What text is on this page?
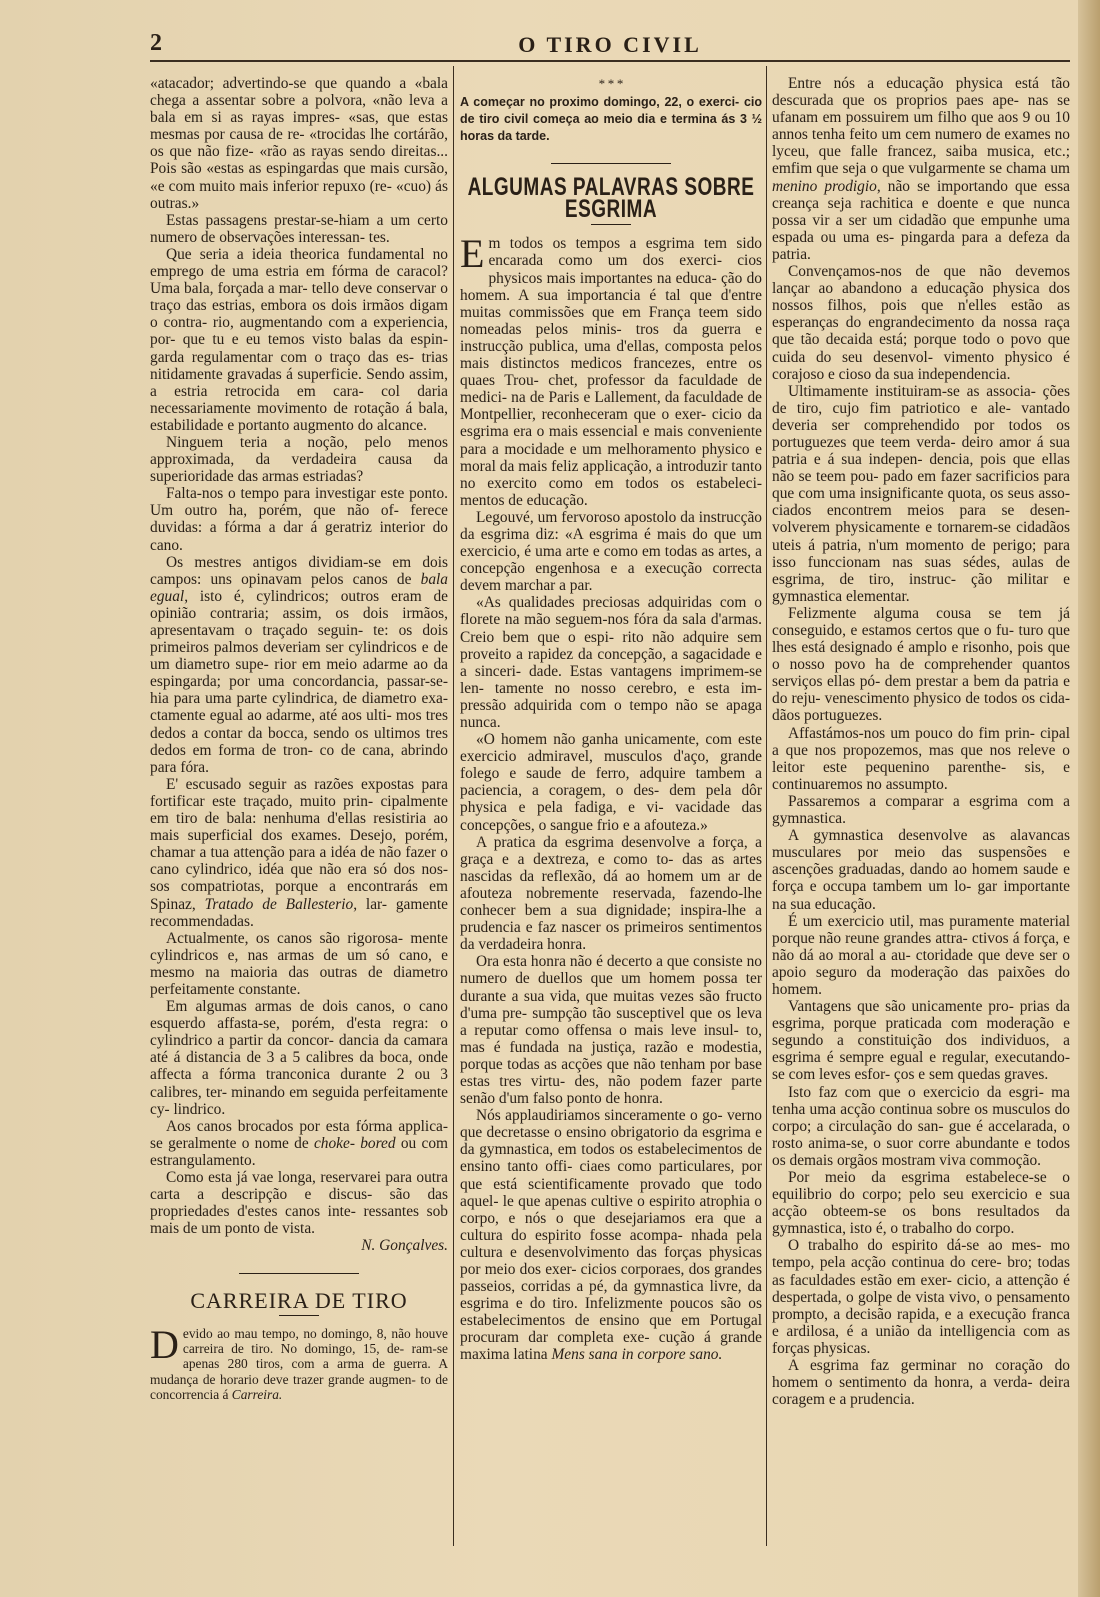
2	O TIRO CIVIL

«atacador; advertindo-se que quando a «bala chega a assentar sobre a polvora, «não leva a bala em si as rayas impres- «sas, que estas mesmas por causa de re- «trocidas lhe cortárão, os que não fize- «rão as rayas sendo direitas... Pois são «estas as espingardas que mais cursão, «e com muito mais inferior repuxo (re- «cuo) ás outras.»

Estas passagens prestar-se-hiam a um certo numero de observações interessan- tes.

Que seria a ideia theorica fundamental no emprego de uma estria em fórma de caracol? Uma bala, forçada a mar- tello deve conservar o traço das estrias, embora os dois irmãos digam o contra- rio, augmentando com a experiencia, por- que tu e eu temos visto balas da espin- garda regulamentar com o traço das es- trias nitidamente gravadas á superficie. Sendo assim, a estria retrocida em cara- col daria necessariamente movimento de rotação á bala, estabilidade e portanto augmento do alcance.

Ninguem teria a noção, pelo menos approximada, da verdadeira causa da superioridade das armas estriadas?

Falta-nos o tempo para investigar este ponto. Um outro ha, porém, que não of- ferece duvidas: a fórma a dar á geratriz interior do cano.

Os mestres antigos dividiam-se em dois campos: uns opinavam pelos canos de bala egual, isto é, cylindricos; outros eram de opinião contraria; assim, os dois irmãos, apresentavam o traçado seguin- te: os dois primeiros palmos deveriam ser cylindricos e de um diametro supe- rior em meio adarme ao da espingarda; por uma concordancia, passar-se-hia para uma parte cylindrica, de diametro exa- ctamente egual ao adarme, até aos ulti- mos tres dedos a contar da bocca, sendo os ultimos tres dedos em forma de tron- co de cana, abrindo para fóra.

E' escusado seguir as razões expostas para fortificar este traçado, muito prin- cipalmente em tiro de bala: nenhuma d'ellas resistiria ao mais superficial dos exames. Desejo, porém, chamar a tua attenção para a idéa de não fazer o cano cylindrico, idéa que não era só dos nos- sos compatriotas, porque a encontrarás em Spinaz, Tratado de Ballesterio, lar- gamente recommendadas.

Actualmente, os canos são rigorosa- mente cylindricos e, nas armas de um só cano, e mesmo na maioria das outras de diametro perfeitamente constante.

Em algumas armas de dois canos, o cano esquerdo affasta-se, porém, d'esta regra: o cylindrico a partir da concor- dancia da camara até á distancia de 3 a 5 calibres da boca, onde affecta a fórma tranconica durante 2 ou 3 calibres, ter- minando em seguida perfeitamente cy- lindrico.

Aos canos brocados por esta fórma applica-se geralmente o nome de choke- bored ou com estrangulamento.

Como esta já vae longa, reservarei para outra carta a descripção e discus- são das propriedades d'estes canos inte- ressantes sob mais de um ponto de vista.

N. Gonçalves.

CARREIRA DE TIRO

Devido ao mau tempo, no domingo, 8, não houve carreira de tiro. No domingo, 15, de- ram-se apenas 280 tiros, com a arma de guerra. A mudança de horario deve trazer grande augmen- to de concorrencia á Carreira.

* * *
A começar no proximo domingo, 22, o exerci- cio de tiro civil começa ao meio dia e termina ás 3 ½ horas da tarde.
ALGUMAS PALAVRAS SOBRE ESGRIMA

Em todos os tempos a esgrima tem sido encarada como um dos exerci- cios physicos mais importantes na educa- ção do homem. A sua importancia é tal que d'entre muitas commissões que em França teem sido nomeadas pelos minis- tros da guerra e instrucção publica, uma d'ellas, composta pelos mais distinctos medicos francezes, entre os quaes Trou- chet, professor da faculdade de medici- na de Paris e Lallement, da faculdade de Montpellier, reconheceram que o exer- cicio da esgrima era o mais essencial e mais conveniente para a mocidade e um melhoramento physico e moral da mais feliz applicação, a introduzir tanto no exercito como em todos os estabeleci- mentos de educação.

Legouvé, um fervoroso apostolo da instrucção da esgrima diz: «A esgrima é mais do que um exercicio, é uma arte e como em todas as artes, a concepção engenhosa e a execução correcta devem marchar a par.

«As qualidades preciosas adquiridas com o florete na mão seguem-nos fóra da sala d'armas. Creio bem que o espi- rito não adquire sem proveito a rapidez da concepção, a sagacidade e a sinceri- dade. Estas vantagens imprimem-se len- tamente no nosso cerebro, e esta im- pressão adquirida com o tempo não se apaga nunca.

«O homem não ganha unicamente, com este exercicio admiravel, musculos d'aço, grande folego e saude de ferro, adquire tambem a paciencia, a coragem, o des- dem pela dôr physica e pela fadiga, e vi- vacidade das concepções, o sangue frio e a afouteza.»

A pratica da esgrima desenvolve a força, a graça e a dextreza, e como to- das as artes nascidas da reflexão, dá ao homem um ar de afouteza nobremente reservada, fazendo-lhe conhecer bem a sua dignidade; inspira-lhe a prudencia e faz nascer os primeiros sentimentos da verdadeira honra.

Ora esta honra não é decerto a que consiste no numero de duellos que um homem possa ter durante a sua vida, que muitas vezes são fructo d'uma pre- sumpção tão susceptivel que os leva a reputar como offensa o mais leve insul- to, mas é fundada na justiça, razão e modestia, porque todas as acções que não tenham por base estas tres virtu- des, não podem fazer parte senão d'um falso ponto de honra.

Nós applaudiriamos sinceramente o go- verno que decretasse o ensino obrigatorio da esgrima e da gymnastica, em todos os estabelecimentos de ensino tanto offi- ciaes como particulares, por que está scientificamente provado que todo aquel- le que apenas cultive o espirito atrophia o corpo, e nós o que desejariamos era que a cultura do espirito fosse acompa- nhada pela cultura e desenvolvimento das forças physicas por meio dos exer- cicios corporaes, dos grandes passeios, corridas a pé, da gymnastica livre, da esgrima e do tiro. Infelizmente poucos são os estabelecimentos de ensino que em Portugal procuram dar completa exe- cução á grande maxima latina Mens sana in corpore sano.

Entre nós a educação physica está tão descurada que os proprios paes ape- nas se ufanam em possuirem um filho que aos 9 ou 10 annos tenha feito um cem numero de exames no lyceu, que falle francez, saiba musica, etc.; emfim que seja o que vulgarmente se chama um menino prodigio, não se importando que essa creança seja rachitica e doente e que nunca possa vir a ser um cidadão que empunhe uma espada ou uma es- pingarda para a defeza da patria.

Convençamos-nos de que não devemos lançar ao abandono a educação physica dos nossos filhos, pois que n'elles estão as esperanças do engrandecimento da nossa raça que tão decaida está; porque todo o povo que cuida do seu desenvol- vimento physico é corajoso e cioso da sua independencia.

Ultimamente instituiram-se as associa- ções de tiro, cujo fim patriotico e ale- vantado deveria ser comprehendido por todos os portuguezes que teem verda- deiro amor á sua patria e á sua indepen- dencia, pois que ellas não se teem pou- pado em fazer sacrificios para que com uma insignificante quota, os seus asso- ciados encontrem meios para se desen- volverem physicamente e tornarem-se cidadãos uteis á patria, n'um momento de perigo; para isso funccionam nas suas sédes, aulas de esgrima, de tiro, instruc- ção militar e gymnastica elementar.

Felizmente alguma cousa se tem já conseguido, e estamos certos que o fu- turo que lhes está designado é amplo e risonho, pois que o nosso povo ha de comprehender quantos serviços ellas pó- dem prestar a bem da patria e do reju- venescimento physico de todos os cida- dãos portuguezes.

Affastámos-nos um pouco do fim prin- cipal a que nos propozemos, mas que nos releve o leitor este pequenino parenthe- sis, e continuaremos no assumpto.

Passaremos a comparar a esgrima com a gymnastica.

A gymnastica desenvolve as alavancas musculares por meio das suspensões e ascenções graduadas, dando ao homem saude e força e occupa tambem um lo- gar importante na sua educação.

É um exercicio util, mas puramente material porque não reune grandes attra- ctivos á força, e não dá ao moral a au- ctoridade que deve ser o apoio seguro da moderação das paixões do homem.

Vantagens que são unicamente pro- prias da esgrima, porque praticada com moderação e segundo a constituição dos individuos, a esgrima é sempre egual e regular, executando-se com leves esfor- ços e sem quedas graves.

Isto faz com que o exercicio da esgri- ma tenha uma acção continua sobre os musculos do corpo; a circulação do san- gue é accelarada, o rosto anima-se, o suor corre abundante e todos os demais orgãos mostram viva commoção.

Por meio da esgrima estabelece-se o equilibrio do corpo; pelo seu exercicio e sua acção obteem-se os bons resultados da gymnastica, isto é, o trabalho do corpo.

O trabalho do espirito dá-se ao mes- mo tempo, pela acção continua do cere- bro; todas as faculdades estão em exer- cicio, a attenção é despertada, o golpe de vista vivo, o pensamento prompto, a decisão rapida, e a execução franca e ardilosa, é a união da intelligencia com as forças physicas.

A esgrima faz germinar no coração do homem o sentimento da honra, a verda- deira coragem e a prudencia.
